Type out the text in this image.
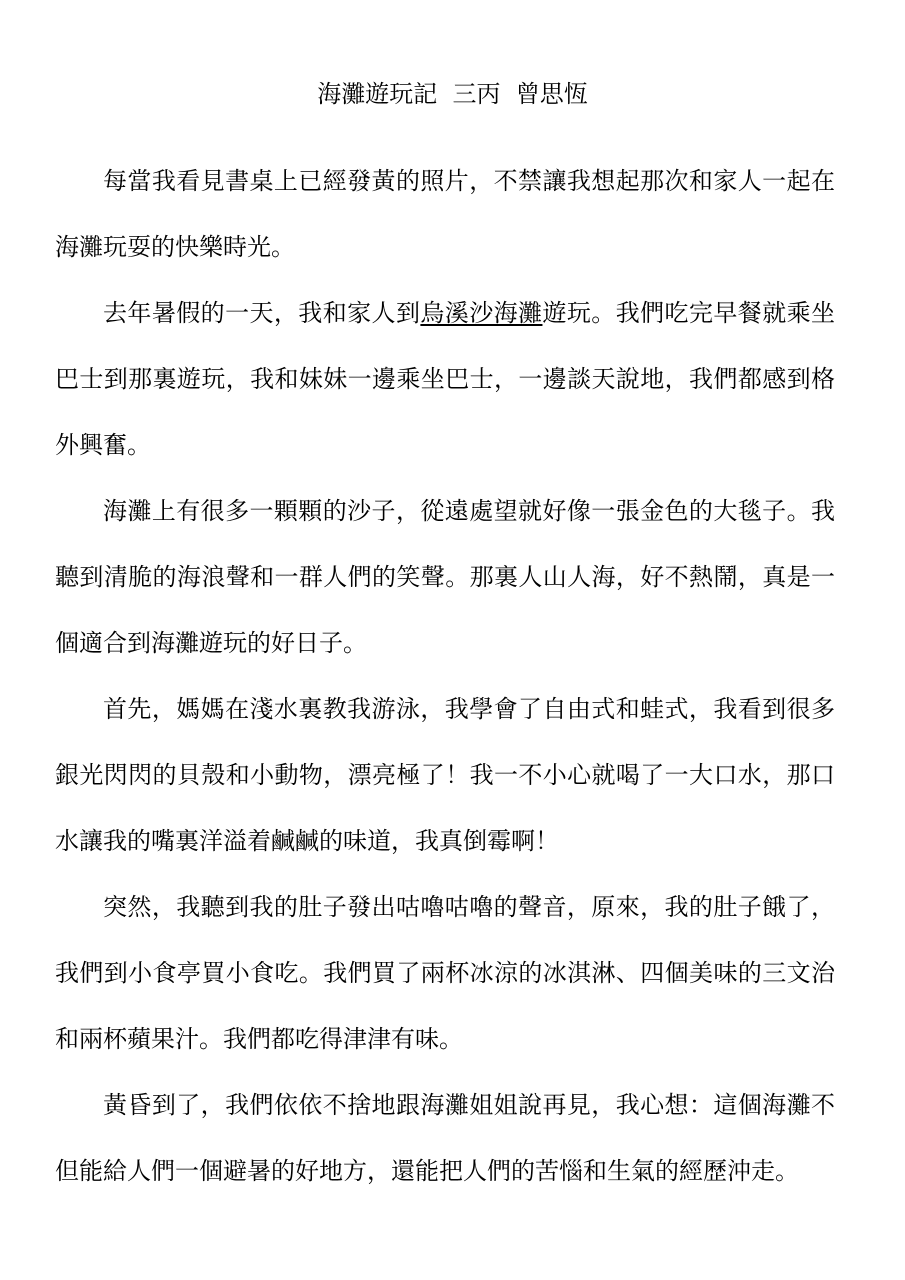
海灘遊玩記  三丙  曾思恆

每當我看見書桌上已經發黃的照片，不禁讓我想起那次和家人一起在海灘玩耍的快樂時光。

去年暑假的一天，我和家人到烏溪沙海灘遊玩。我們吃完早餐就乘坐巴士到那裏遊玩，我和妹妹一邊乘坐巴士，一邊談天說地，我們都感到格外興奮。

海灘上有很多一顆顆的沙子，從遠處望就好像一張金色的大毯子。我聽到清脆的海浪聲和一群人們的笑聲。那裏人山人海，好不熱鬧，真是一個適合到海灘遊玩的好日子。

首先，媽媽在淺水裏教我游泳，我學會了自由式和蛙式，我看到很多銀光閃閃的貝殼和小動物，漂亮極了！我一不小心就喝了一大口水，那口水讓我的嘴裏洋溢着鹹鹹的味道，我真倒霉啊！

突然，我聽到我的肚子發出咕嚕咕嚕的聲音，原來，我的肚子餓了，我們到小食亭買小食吃。我們買了兩杯冰涼的冰淇淋、四個美味的三文治和兩杯蘋果汁。我們都吃得津津有味。

黃昏到了，我們依依不捨地跟海灘姐姐說再見，我心想：這個海灘不但能給人們一個避暑的好地方，還能把人們的苦惱和生氣的經歷沖走。
